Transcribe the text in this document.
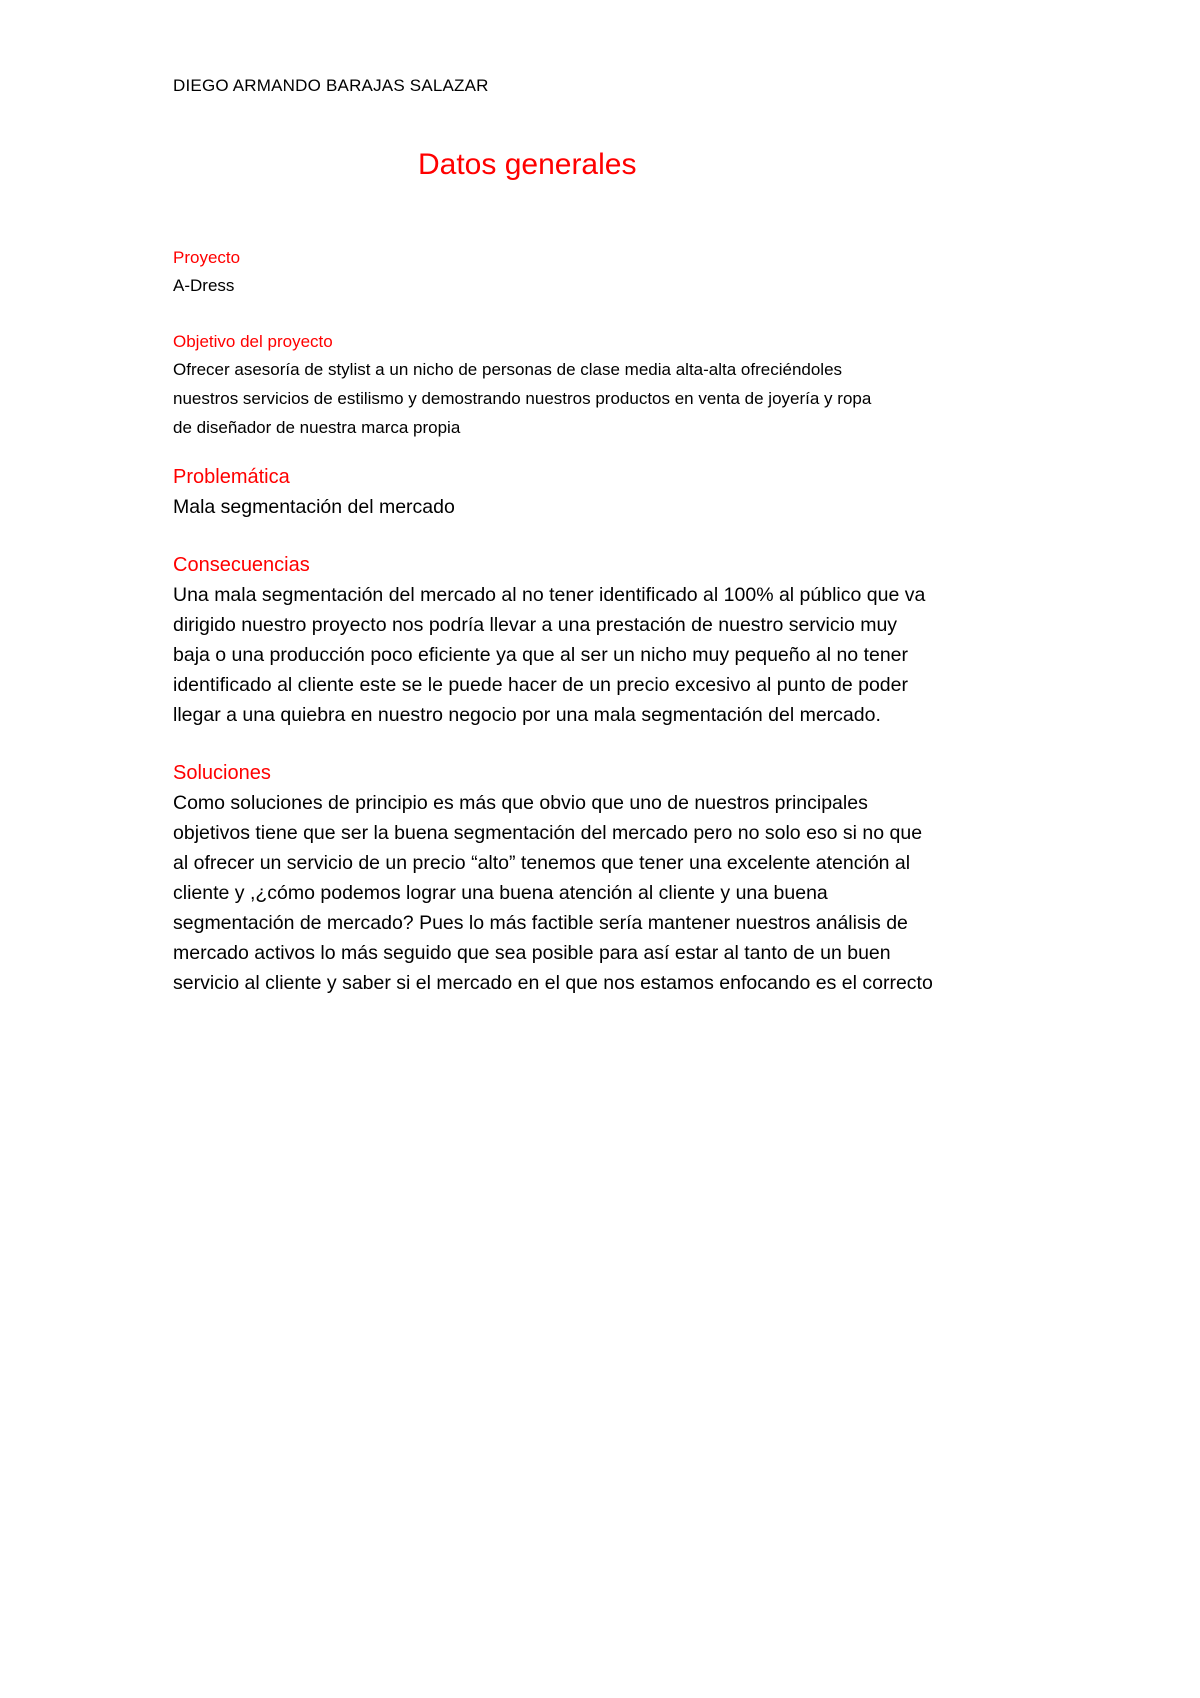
DIEGO ARMANDO BARAJAS SALAZAR
Datos generales
Proyecto
A-Dress
Objetivo del proyecto
Ofrecer asesoría de stylist a un nicho de personas de clase media alta-alta ofreciéndoles
nuestros servicios de estilismo y demostrando nuestros productos en venta de joyería y ropa
de diseñador de nuestra marca propia
Problemática
Mala segmentación del mercado
Consecuencias
Una mala segmentación del mercado al no tener identificado al 100% al público que va
dirigido nuestro proyecto nos podría llevar a una prestación de nuestro servicio muy
baja o una producción poco eficiente ya que al ser un nicho muy pequeño al no tener
identificado al cliente este se le puede hacer de un precio excesivo al punto de poder
llegar a una quiebra en nuestro negocio por una mala segmentación del mercado.
Soluciones
Como soluciones de principio es más que obvio que uno de nuestros principales
objetivos tiene que ser la buena segmentación del mercado pero no solo eso si no que
al ofrecer un servicio de un precio “alto” tenemos que tener una excelente atención al
cliente y ,¿cómo podemos lograr una buena atención al cliente y una buena
segmentación de mercado? Pues lo más factible sería mantener nuestros análisis de
mercado activos lo más seguido que sea posible para así estar al tanto de un buen
servicio al cliente y saber si el mercado en el que nos estamos enfocando es el correcto
